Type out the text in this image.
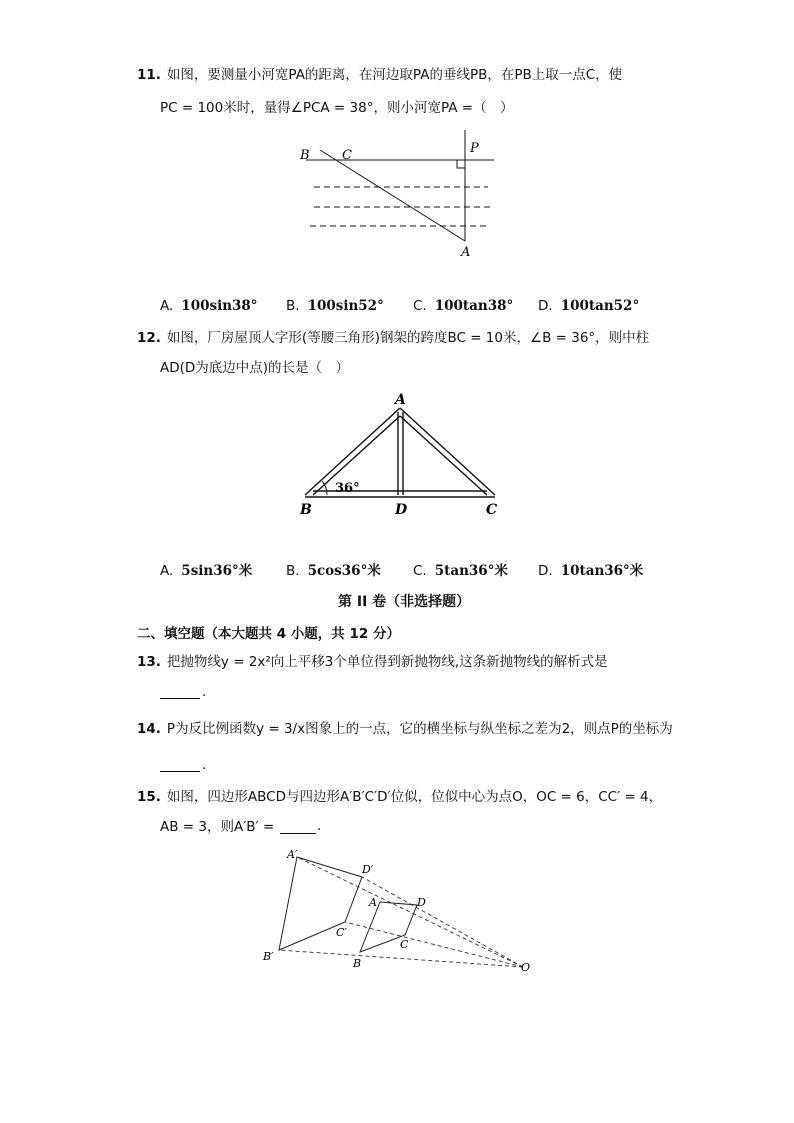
11. 如图，要测量小河宽PA的距离，在河边取PA的垂线PB，在PB上取一点C，使
PC = 100米时，量得∠PCA = 38°，则小河宽PA =（　）
B C	P
A
A. 100sin38° B. 100sin52° C. 100tan38° D. 100tan52°
12. 如图，厂房屋顶人字形(等腰三角形)钢架的跨度BC = 10米，∠B = 36°，则中柱
AD(D为底边中点)的长是（　）
36°
A
B	D	C
A. 5sin36°米 B. 5cos36°米 C. 5tan36°米 D. 10tan36°米
第 II 卷（非选择题）
二、填空题（本大题共 4 小题，共 12 分）
13. 把抛物线y = 2x²向上平移3个单位得到新抛物线,这条新抛物线的解析式是
.
14. P为反比例函数y = 3/x图象上的一点，它的横坐标与纵坐标之差为2，则点P的坐标为
.
15. 如图，四边形ABCD与四边形A′B′C′D′位似，位似中心为点O，OC = 6，CC′ = 4，
AB = 3，则A′B′ =	.
A′
D′
C′
B′
A	D
C
B	O
